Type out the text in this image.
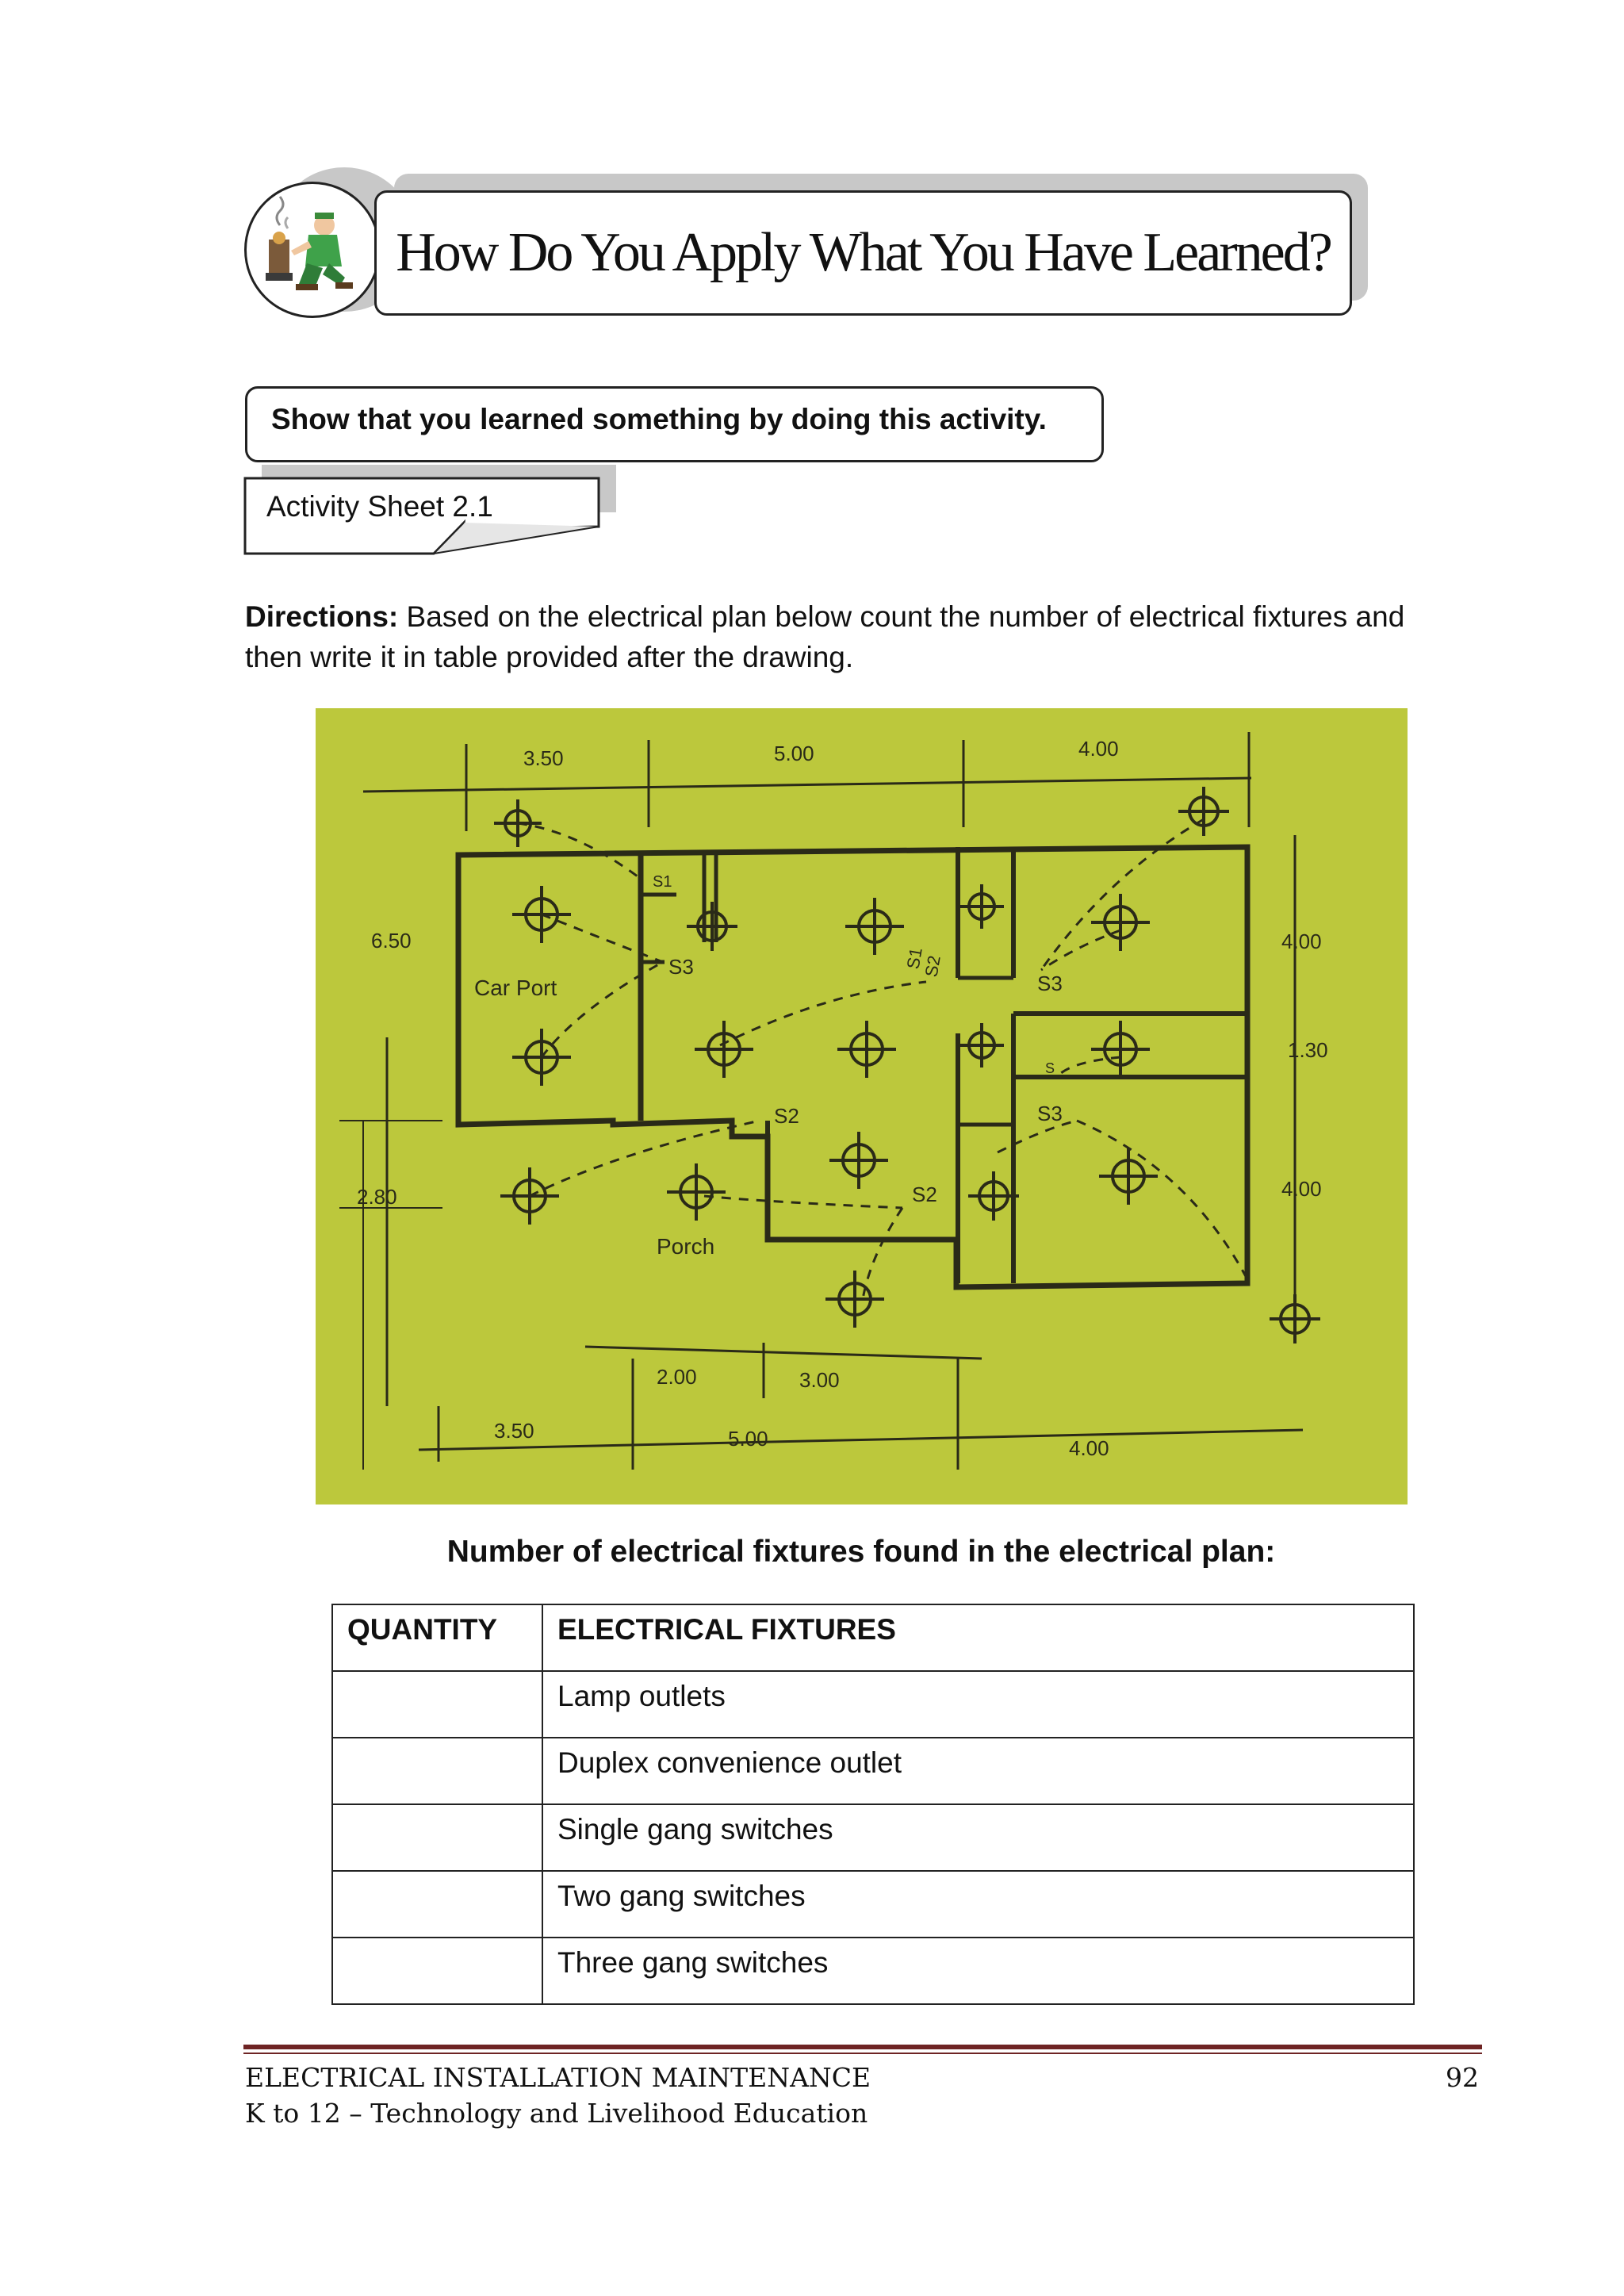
How Do You Apply What You Have Learned?
Show that you learned something by doing this activity.
Activity Sheet 2.1
Directions: Based on the electrical plan below count the number of electrical fixtures and then write it in table provided after the drawing.
3.50	5.00	4.00
3.50	5.00	4.00
2.00	3.00
6.50
2.80
4.00
1.30
4.00
Car Port
Porch
S1
S3	S1
S2
S3
S2	S3
S2
S
Number of electrical fixtures found in the electrical plan:
QUANTITY	ELECTRICAL FIXTURES
	Lamp outlets
	Duplex convenience outlet
	Single gang switches
	Two gang switches
	Three gang switches
ELECTRICAL INSTALLATION MAINTENANCE
K to 12 – Technology and Livelihood Education
92
